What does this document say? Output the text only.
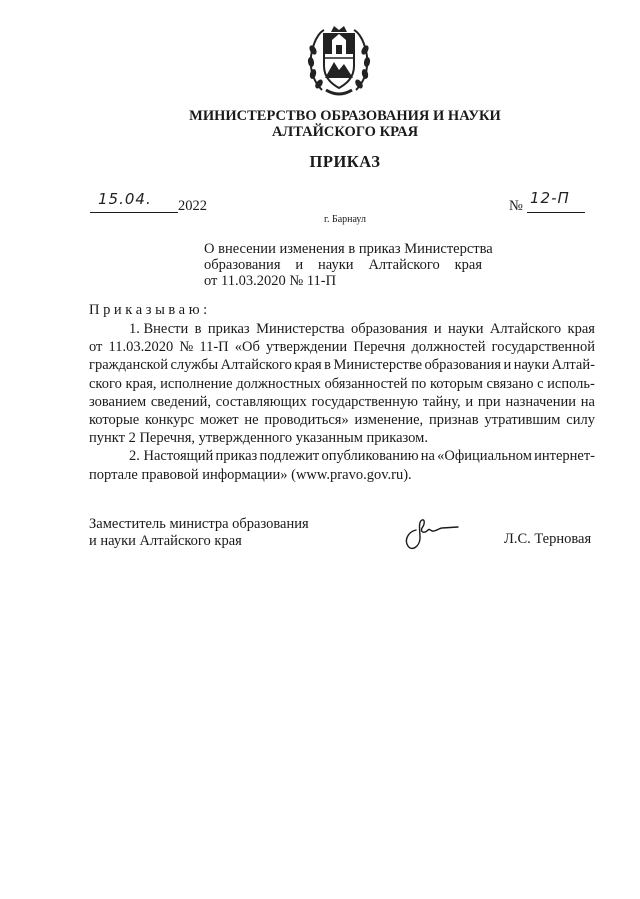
МИНИСТЕРСТВО ОБРАЗОВАНИЯ И НАУКИ
АЛТАЙСКОГО КРАЯ
ПРИКАЗ
15.04. 2022	№ 12-П
г. Барнаул
О внесении изменения в приказ Министерства
образования и науки Алтайского края
от 11.03.2020 № 11-П
Приказываю:
1. Внести в приказ Министерства образования и науки Алтайского края
от 11.03.2020 № 11-П «Об утверждении Перечня должностей государственной
гражданской службы Алтайского края в Министерстве образования и науки Алтай-
ского края, исполнение должностных обязанностей по которым связано с исполь-
зованием сведений, составляющих государственную тайну, и при назначении на
которые конкурс может не проводиться» изменение, признав утратившим силу
пункт 2 Перечня, утвержденного указанным приказом.
2. Настоящий приказ подлежит опубликованию на «Официальном интернет-
портале правовой информации» (www.pravo.gov.ru).
Заместитель министра образования
и науки Алтайского края	Л.С. Терновая
